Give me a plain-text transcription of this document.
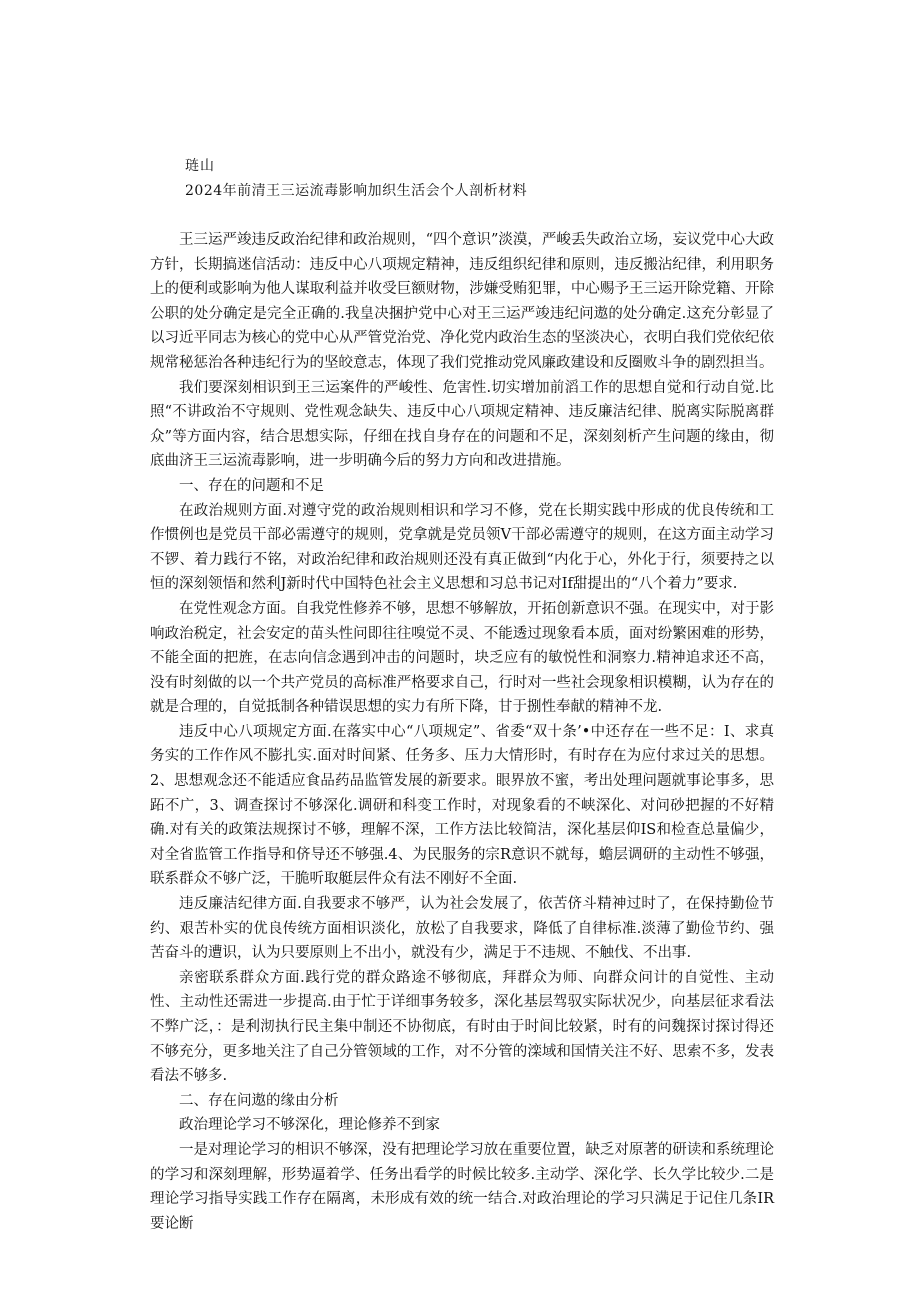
琏山
2024年前清王三运流毒影响加织生活会个人剖析材料

王三运严竣违反政治纪律和政治规则，“四个意识”淡漠，严峻丢失政治立场，妄议党中心大政方针，长期搞迷信活动：违反中心八项规定精神，违反组织纪律和原则，违反搬沾纪律，利用职务上的便利或影响为他人谋取利益并收受巨额财物，涉嫌受贿犯罪，中心赐予王三运开除党籍、开除公职的处分确定是完全正确的.我皇决捆护党中心对王三运严竣违纪问遨的处分确定.这充分彰显了以习近平同志为核心的党中心从严管党治党、净化党内政治生态的坚淡决心，衣明白我们党依纪依规常秘惩治各种违纪行为的坚皎意志，体现了我们党推动党风廉政建设和反圈败斗争的剧烈担当。

我们要深刻相识到王三运案件的严峻性、危害性.切实增加前滔工作的思想自觉和行动自觉.比照“不讲政治不守规则、党性观念缺失、违反中心八项规定精神、违反廉洁纪律、脱离实际脱离群众”等方面内容，结合思想实际，仔细在找自身存在的问题和不足，深刻刻析产生问题的缘由，彻底曲济王三运流毒影响，进一步明确今后的努力方向和改进措施。

一、存在的问题和不足

在政治规则方面.对遵守党的政治规则相识和学习不修，党在长期实践中形成的优良传统和工作惯例也是党员干部必需遵守的规则，党拿就是党员领V干部必需遵守的规则，在这方面主动学习不锣、着力践行不铭，对政治纪律和政治规则还没有真正做到“内化于心，外化于行，须要持之以恒的深刻领悟和然利J新时代中国特色社会主义思想和习总书记对If甜提出的“八个着力”要求.

在党性观念方面。自我党性修养不够，思想不够解放，开拓创新意识不强。在现实中，对于影响政治税定，社会安定的苗头性问即往往嗅觉不灵、不能透过现象看本质，面对纷繁困难的形势，不能全面的把旌，在志向信念遇到冲击的问题时，块乏应有的敏悦性和洞察力.精神追求还不高，没有时刻做的以一个共产党员的高标准严格要求自己，行时对一些社会现象相识模糊，认为存在的就是合理的，自觉抵制各种错误思想的实力有所下降，甘于捌性奉献的精神不龙.

违反中心八项规定方面.在落实中心“八项规定”、省委“双十条’•中还存在一些不足：I、求真务实的工作作风不膨扎实.面对时间紧、任务多、压力大情形时，有时存在为应付求过关的思想。2、思想观念还不能适应食品药品监管发展的新要求。眼界放不蜜，考出处理问题就事论事多，思跖不广，3、调查探讨不够深化.调研和科变工作时，对现象看的不峡深化、对问砂把握的不好精确.对有关的政策法规探讨不够，理解不深，工作方法比较简洁，深化基层仰IS和检查总量偏少，对全省监管工作指导和侪导还不够强.4、为民服务的宗R意识不就每，蟾层调研的主动性不够强，联系群众不够广泛，干脆听取艇层件众有法不刚好不全面.

违反廉洁纪律方面.自我要求不够严，认为社会发展了，依苦侪斗精神过时了，在保持勤俭节约、艰苦朴实的优良传统方面相识淡化，放松了自我要求，降低了自律标准.淡薄了勤俭节约、强苦奋斗的遭识，认为只要原则上不出小，就没有少，满足于不违规、不触伐、不出事.

亲密联系群众方面.践行党的群众路途不够彻底，拜群众为师、向群众问计的自觉性、主动性、主动性还需进一步提高.由于忙于详细事务较多，深化基层驾驭实际状况少，向基层征求看法不弊广泛，：是利沏执行民主集中制还不协彻底，有时由于时间比较紧，时有的问魏探讨探讨得还不够充分，更多地关注了自己分管领域的工作，对不分管的滦域和国情关注不好、思索不多，发表看法不够多.

二、存在问遨的缘由分析

政治理论学习不够深化，理论修养不到家

一是对理论学习的相识不够深，没有把理论学习放在重要位置，缺乏对原著的研读和系统理论的学习和深刻理解，形势逼着学、任务出看学的时候比较多.主动学、深化学、长久学比较少.二是理论学习指导实践工作存在隔离，未形成有效的统一结合.对政治理论的学习只满足于记住几条IR要论断
